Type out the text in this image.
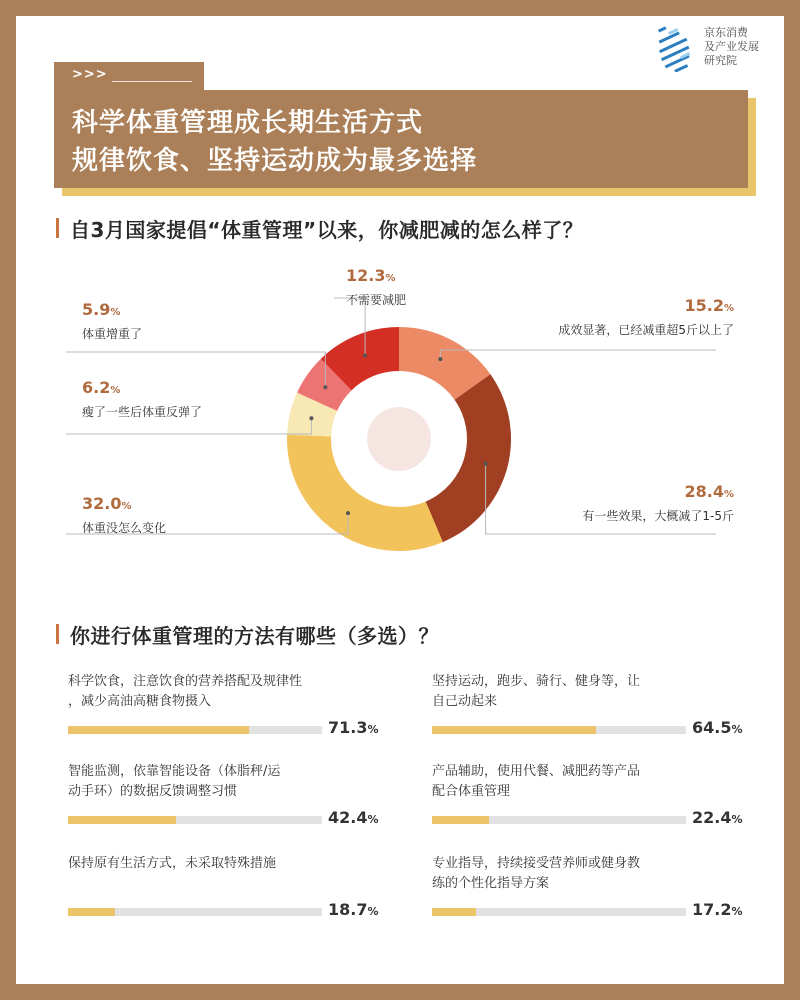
京东消费
及产业发展
研究院
>>>
科学体重管理成长期生活方式
规律饮食、坚持运动成为最多选择
自3月国家提倡“体重管理”以来，你减肥减的怎么样了？
12.3%
不需要减肥
5.9%
体重增重了
6.2%
瘦了一些后体重反弹了
32.0%
体重没怎么变化
15.2%
成效显著，已经减重超5斤以上了
28.4%
有一些效果，大概减了1-5斤
你进行体重管理的方法有哪些（多选）？
科学饮食，注意饮食的营养搭配及规律性
，减少高油高糖食物摄入
71.3%
坚持运动，跑步、骑行、健身等，让
自己动起来
64.5%
智能监测，依靠智能设备（体脂秤/运
动手环）的数据反馈调整习惯
42.4%
产品辅助，使用代餐、减肥药等产品
配合体重管理
22.4%
保持原有生活方式，未采取特殊措施
18.7%
专业指导，持续接受营养师或健身教
练的个性化指导方案
17.2%
